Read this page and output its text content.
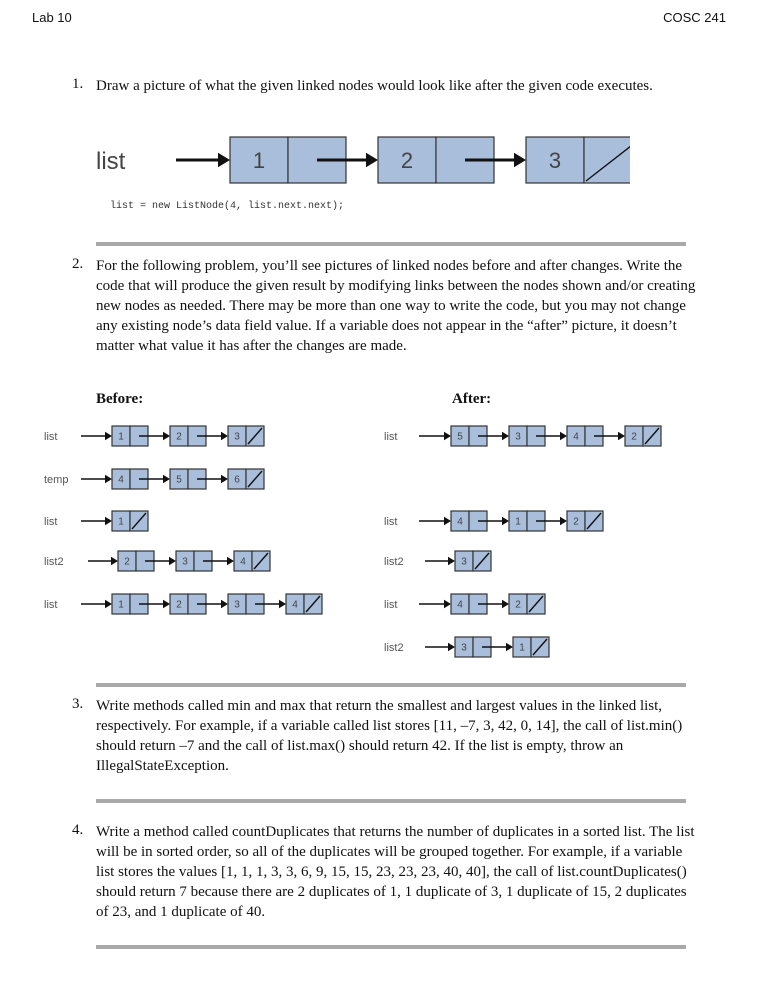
Lab 10	COSC 241
1. Draw a picture of what the given linked nodes would look like after the given code executes.

list	1	2	3
list = new ListNode(4, list.next.next);
2. For the following problem, you’ll see pictures of linked nodes before and after changes. Write the code that will produce the given result by modifying links between the nodes shown and/or creating new nodes as needed. There may be more than one way to write the code, but you may not change any existing node’s data field value. If a variable does not appear in the “after” picture, it doesn’t matter what value it has after the changes are made.

Before:	After:
list	1	2	3
temp	4	5	6
list	1
list2	2	3	4
list	1	2	3	4
list	5	3	4	2
list	4	1	2
list2	3
list	4	2
list2	3	1
3. Write methods called min and max that return the smallest and largest values in the linked list, respectively. For example, if a variable called list stores [11, –7, 3, 42, 0, 14], the call of list.min() should return –7 and the call of list.max() should return 42. If the list is empty, throw an IllegalStateException.

4. Write a method called countDuplicates that returns the number of duplicates in a sorted list. The list will be in sorted order, so all of the duplicates will be grouped together. For example, if a variable list stores the values [1, 1, 1, 3, 3, 6, 9, 15, 15, 23, 23, 23, 40, 40], the call of list.countDuplicates() should return 7 because there are 2 duplicates of 1, 1 duplicate of 3, 1 duplicate of 15, 2 duplicates of 23, and 1 duplicate of 40.
